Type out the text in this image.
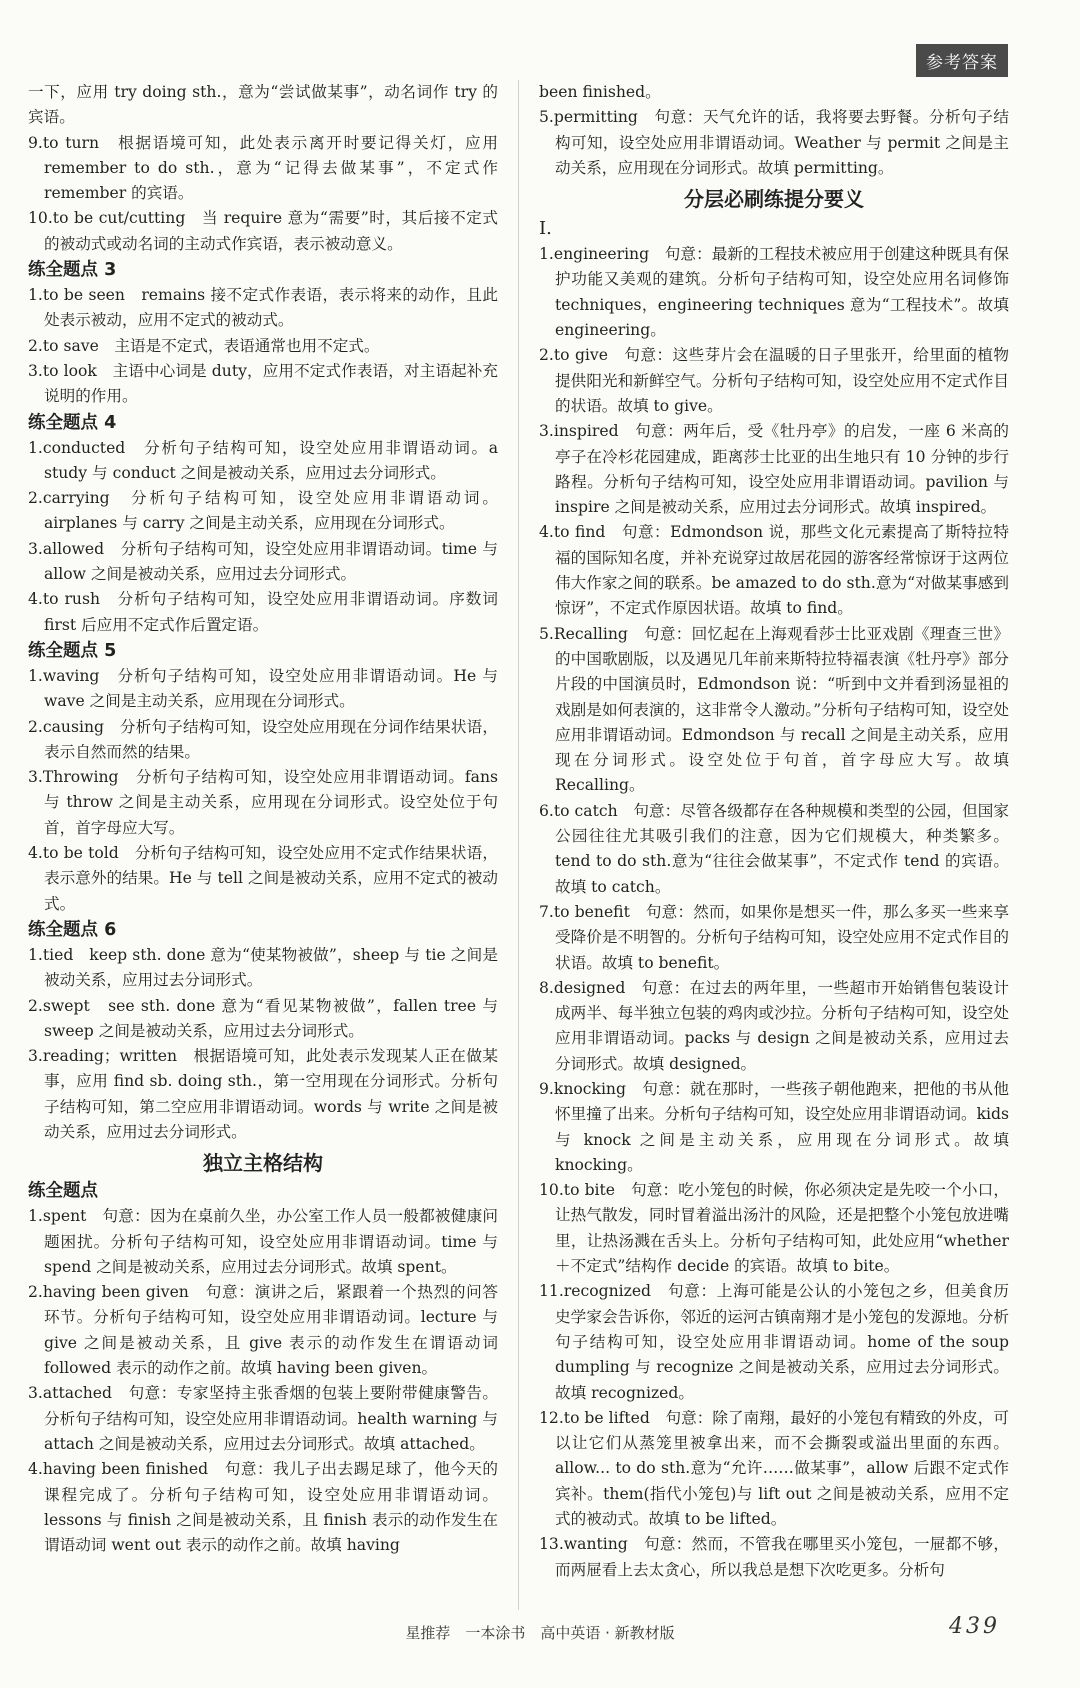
参考答案
一下，应用 try doing sth.，意为“尝试做某事”，动名词作 try 的宾语。
9.to turn　根据语境可知，此处表示离开时要记得关灯，应用 remember to do sth.，意为“记得去做某事”，不定式作 remember 的宾语。
10.to be cut/cutting　当 require 意为“需要”时，其后接不定式的被动式或动名词的主动式作宾语，表示被动意义。
练全题点 3
1.to be seen　remains 接不定式作表语，表示将来的动作，且此处表示被动，应用不定式的被动式。
2.to save　主语是不定式，表语通常也用不定式。
3.to look　主语中心词是 duty，应用不定式作表语，对主语起补充说明的作用。
练全题点 4
1.conducted　分析句子结构可知，设空处应用非谓语动词。a study 与 conduct 之间是被动关系，应用过去分词形式。
2.carrying　分析句子结构可知，设空处应用非谓语动词。airplanes 与 carry 之间是主动关系，应用现在分词形式。
3.allowed　分析句子结构可知，设空处应用非谓语动词。time 与 allow 之间是被动关系，应用过去分词形式。
4.to rush　分析句子结构可知，设空处应用非谓语动词。序数词 first 后应用不定式作后置定语。
练全题点 5
1.waving　分析句子结构可知，设空处应用非谓语动词。He 与 wave 之间是主动关系，应用现在分词形式。
2.causing　分析句子结构可知，设空处应用现在分词作结果状语，表示自然而然的结果。
3.Throwing　分析句子结构可知，设空处应用非谓语动词。fans 与 throw 之间是主动关系，应用现在分词形式。设空处位于句首，首字母应大写。
4.to be told　分析句子结构可知，设空处应用不定式作结果状语，表示意外的结果。He 与 tell 之间是被动关系，应用不定式的被动式。
练全题点 6
1.tied　keep sth. done 意为“使某物被做”，sheep 与 tie 之间是被动关系，应用过去分词形式。
2.swept　see sth. done 意为“看见某物被做”，fallen tree 与 sweep 之间是被动关系，应用过去分词形式。
3.reading；written　根据语境可知，此处表示发现某人正在做某事，应用 find sb. doing sth.，第一空用现在分词形式。分析句子结构可知，第二空应用非谓语动词。words 与 write 之间是被动关系，应用过去分词形式。
独立主格结构
练全题点
1.spent　句意：因为在桌前久坐，办公室工作人员一般都被健康问题困扰。分析句子结构可知，设空处应用非谓语动词。time 与 spend 之间是被动关系，应用过去分词形式。故填 spent。
2.having been given　句意：演讲之后，紧跟着一个热烈的问答环节。分析句子结构可知，设空处应用非谓语动词。lecture 与 give 之间是被动关系，且 give 表示的动作发生在谓语动词 followed 表示的动作之前。故填 having been given。
3.attached　句意：专家坚持主张香烟的包装上要附带健康警告。分析句子结构可知，设空处应用非谓语动词。health warning 与 attach 之间是被动关系，应用过去分词形式。故填 attached。
4.having been finished　句意：我儿子出去踢足球了，他今天的课程完成了。分析句子结构可知，设空处应用非谓语动词。lessons 与 finish 之间是被动关系，且 finish 表示的动作发生在谓语动词 went out 表示的动作之前。故填 having
been finished。
5.permitting　句意：天气允许的话，我将要去野餐。分析句子结构可知，设空处应用非谓语动词。Weather 与 permit 之间是主动关系，应用现在分词形式。故填 permitting。
分层必刷练提分要义
Ⅰ.
1.engineering　句意：最新的工程技术被应用于创建这种既具有保护功能又美观的建筑。分析句子结构可知，设空处应用名词修饰 techniques，engineering techniques 意为“工程技术”。故填 engineering。
2.to give　句意：这些芽片会在温暖的日子里张开，给里面的植物提供阳光和新鲜空气。分析句子结构可知，设空处应用不定式作目的状语。故填 to give。
3.inspired　句意：两年后，受《牡丹亭》的启发，一座 6 米高的亭子在冷杉花园建成，距离莎士比亚的出生地只有 10 分钟的步行路程。分析句子结构可知，设空处应用非谓语动词。pavilion 与 inspire 之间是被动关系，应用过去分词形式。故填 inspired。
4.to find　句意：Edmondson 说，那些文化元素提高了斯特拉特福的国际知名度，并补充说穿过故居花园的游客经常惊讶于这两位伟大作家之间的联系。be amazed to do sth.意为“对做某事感到惊讶”，不定式作原因状语。故填 to find。
5.Recalling　句意：回忆起在上海观看莎士比亚戏剧《理查三世》的中国歌剧版，以及遇见几年前来斯特拉特福表演《牡丹亭》部分片段的中国演员时，Edmondson 说：“听到中文并看到汤显祖的戏剧是如何表演的，这非常令人激动。”分析句子结构可知，设空处应用非谓语动词。Edmondson 与 recall 之间是主动关系，应用现在分词形式。设空处位于句首，首字母应大写。故填 Recalling。
6.to catch　句意：尽管各级都存在各种规模和类型的公园，但国家公园往往尤其吸引我们的注意，因为它们规模大，种类繁多。tend to do sth.意为“往往会做某事”，不定式作 tend 的宾语。故填 to catch。
7.to benefit　句意：然而，如果你是想买一件，那么多买一些来享受降价是不明智的。分析句子结构可知，设空处应用不定式作目的状语。故填 to benefit。
8.designed　句意：在过去的两年里，一些超市开始销售包装设计成两半、每半独立包装的鸡肉或沙拉。分析句子结构可知，设空处应用非谓语动词。packs 与 design 之间是被动关系，应用过去分词形式。故填 designed。
9.knocking　句意：就在那时，一些孩子朝他跑来，把他的书从他怀里撞了出来。分析句子结构可知，设空处应用非谓语动词。kids 与 knock 之间是主动关系，应用现在分词形式。故填 knocking。
10.to bite　句意：吃小笼包的时候，你必须决定是先咬一个小口，让热气散发，同时冒着溢出汤汁的风险，还是把整个小笼包放进嘴里，让热汤溅在舌头上。分析句子结构可知，此处应用“whether＋不定式”结构作 decide 的宾语。故填 to bite。
11.recognized　句意：上海可能是公认的小笼包之乡，但美食历史学家会告诉你，邻近的运河古镇南翔才是小笼包的发源地。分析句子结构可知，设空处应用非谓语动词。home of the soup dumpling 与 recognize 之间是被动关系，应用过去分词形式。故填 recognized。
12.to be lifted　句意：除了南翔，最好的小笼包有精致的外皮，可以让它们从蒸笼里被拿出来，而不会撕裂或溢出里面的东西。allow... to do sth.意为“允许……做某事”，allow 后跟不定式作宾补。them(指代小笼包)与 lift out 之间是被动关系，应用不定式的被动式。故填 to be lifted。
13.wanting　句意：然而，不管我在哪里买小笼包，一屉都不够，而两屉看上去太贪心，所以我总是想下次吃更多。分析句
星推荐　一本涂书　高中英语 · 新教材版	439
